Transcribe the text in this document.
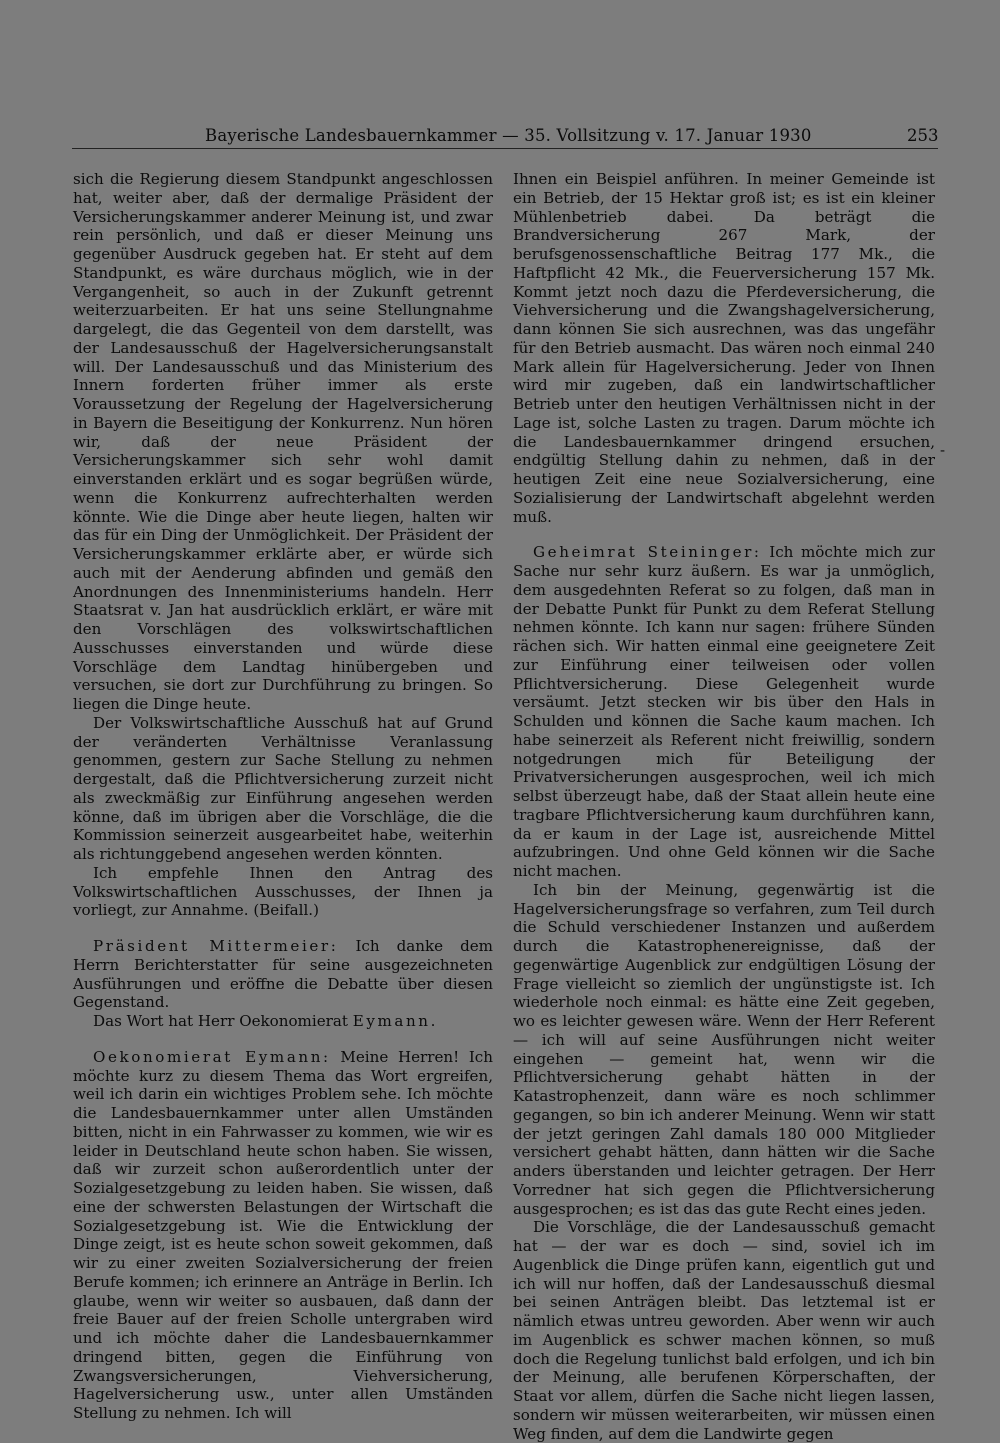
Bayerische Landesbauernkammer — 35. Vollsitzung v. 17. Januar 1930	253

sich die Regierung diesem Standpunkt angeschlossen hat, weiter aber, daß der dermalige Präsident der Versicherungskammer anderer Meinung ist, und zwar rein persönlich, und daß er dieser Meinung uns gegenüber Ausdruck gegeben hat. Er steht auf dem Standpunkt, es wäre durchaus möglich, wie in der Vergangenheit, so auch in der Zukunft getrennt weiterzuarbeiten. Er hat uns seine Stellungnahme dargelegt, die das Gegenteil von dem darstellt, was der Landesausschuß der Hagelversicherungsanstalt will. Der Landesausschuß und das Ministerium des Innern forderten früher immer als erste Voraussetzung der Regelung der Hagelversicherung in Bayern die Beseitigung der Konkurrenz. Nun hören wir, daß der neue Präsident der Versicherungskammer sich sehr wohl damit einverstanden erklärt und es sogar begrüßen würde, wenn die Konkurrenz aufrechterhalten werden könnte. Wie die Dinge aber heute liegen, halten wir das für ein Ding der Unmöglichkeit. Der Präsident der Versicherungskammer erklärte aber, er würde sich auch mit der Aenderung abfinden und gemäß den Anordnungen des Innenministeriums handeln. Herr Staatsrat v. Jan hat ausdrücklich erklärt, er wäre mit den Vorschlägen des volkswirtschaftlichen Ausschusses einverstanden und würde diese Vorschläge dem Landtag hinübergeben und versuchen, sie dort zur Durchführung zu bringen. So liegen die Dinge heute.

Der Volkswirtschaftliche Ausschuß hat auf Grund der veränderten Verhältnisse Veranlassung genommen, gestern zur Sache Stellung zu nehmen dergestalt, daß die Pflichtversicherung zurzeit nicht als zweckmäßig zur Einführung angesehen werden könne, daß im übrigen aber die Vorschläge, die die Kommission seinerzeit ausgearbeitet habe, weiterhin als richtunggebend angesehen werden könnten.

Ich empfehle Ihnen den Antrag des Volkswirtschaftlichen Ausschusses, der Ihnen ja vorliegt, zur Annahme. (Beifall.)

Präsident Mittermeier: Ich danke dem Herrn Berichterstatter für seine ausgezeichneten Ausführungen und eröffne die Debatte über diesen Gegenstand.

Das Wort hat Herr Oekonomierat Eymann.

Oekonomierat Eymann: Meine Herren! Ich möchte kurz zu diesem Thema das Wort ergreifen, weil ich darin ein wichtiges Problem sehe. Ich möchte die Landesbauernkammer unter allen Umständen bitten, nicht in ein Fahrwasser zu kommen, wie wir es leider in Deutschland heute schon haben. Sie wissen, daß wir zurzeit schon außerordentlich unter der Sozialgesetzgebung zu leiden haben. Sie wissen, daß eine der schwersten Belastungen der Wirtschaft die Sozialgesetzgebung ist. Wie die Entwicklung der Dinge zeigt, ist es heute schon soweit gekommen, daß wir zu einer zweiten Sozialversicherung der freien Berufe kommen; ich erinnere an Anträge in Berlin. Ich glaube, wenn wir weiter so ausbauen, daß dann der freie Bauer auf der freien Scholle untergraben wird und ich möchte daher die Landesbauernkammer dringend bitten, gegen die Einführung von Zwangsversicherungen, Viehversicherung, Hagelversicherung usw., unter allen Umständen Stellung zu nehmen. Ich will

Ihnen ein Beispiel anführen. In meiner Gemeinde ist ein Betrieb, der 15 Hektar groß ist; es ist ein kleiner Mühlenbetrieb dabei. Da beträgt die Brandversicherung 267 Mark, der berufsgenossenschaftliche Beitrag 177 Mk., die Haftpflicht 42 Mk., die Feuerversicherung 157 Mk. Kommt jetzt noch dazu die Pferdeversicherung, die Viehversicherung und die Zwangshagelversicherung, dann können Sie sich ausrechnen, was das ungefähr für den Betrieb ausmacht. Das wären noch einmal 240 Mark allein für Hagelversicherung. Jeder von Ihnen wird mir zugeben, daß ein landwirtschaftlicher Betrieb unter den heutigen Verhältnissen nicht in der Lage ist, solche Lasten zu tragen. Darum möchte ich die Landesbauernkammer dringend ersuchen, endgültig Stellung dahin zu nehmen, daß in der heutigen Zeit eine neue Sozialversicherung, eine Sozialisierung der Landwirtschaft abgelehnt werden muß.

Geheimrat Steininger: Ich möchte mich zur Sache nur sehr kurz äußern. Es war ja unmöglich, dem ausgedehnten Referat so zu folgen, daß man in der Debatte Punkt für Punkt zu dem Referat Stellung nehmen könnte. Ich kann nur sagen: frühere Sünden rächen sich. Wir hatten einmal eine geeignetere Zeit zur Einführung einer teilweisen oder vollen Pflichtversicherung. Diese Gelegenheit wurde versäumt. Jetzt stecken wir bis über den Hals in Schulden und können die Sache kaum machen. Ich habe seinerzeit als Referent nicht freiwillig, sondern notgedrungen mich für Beteiligung der Privatversicherungen ausgesprochen, weil ich mich selbst überzeugt habe, daß der Staat allein heute eine tragbare Pflichtversicherung kaum durchführen kann, da er kaum in der Lage ist, ausreichende Mittel aufzubringen. Und ohne Geld können wir die Sache nicht machen.

Ich bin der Meinung, gegenwärtig ist die Hagelversicherungsfrage so verfahren, zum Teil durch die Schuld verschiedener Instanzen und außerdem durch die Katastrophenereignisse, daß der gegenwärtige Augenblick zur endgültigen Lösung der Frage vielleicht so ziemlich der ungünstigste ist. Ich wiederhole noch einmal: es hätte eine Zeit gegeben, wo es leichter gewesen wäre. Wenn der Herr Referent — ich will auf seine Ausführungen nicht weiter eingehen — gemeint hat, wenn wir die Pflichtversicherung gehabt hätten in der Katastrophenzeit, dann wäre es noch schlimmer gegangen, so bin ich anderer Meinung. Wenn wir statt der jetzt geringen Zahl damals 180 000 Mitglieder versichert gehabt hätten, dann hätten wir die Sache anders überstanden und leichter getragen. Der Herr Vorredner hat sich gegen die Pflichtversicherung ausgesprochen; es ist das das gute Recht eines jeden.

Die Vorschläge, die der Landesausschuß gemacht hat — der war es doch — sind, soviel ich im Augenblick die Dinge prüfen kann, eigentlich gut und ich will nur hoffen, daß der Landesausschuß diesmal bei seinen Anträgen bleibt. Das letztemal ist er nämlich etwas untreu geworden. Aber wenn wir auch im Augenblick es schwer machen können, so muß doch die Regelung tunlichst bald erfolgen, und ich bin der Meinung, alle berufenen Körperschaften, der Staat vor allem, dürfen die Sache nicht liegen lassen, sondern wir müssen weiterarbeiten, wir müssen einen Weg finden, auf dem die Landwirte gegen

-
